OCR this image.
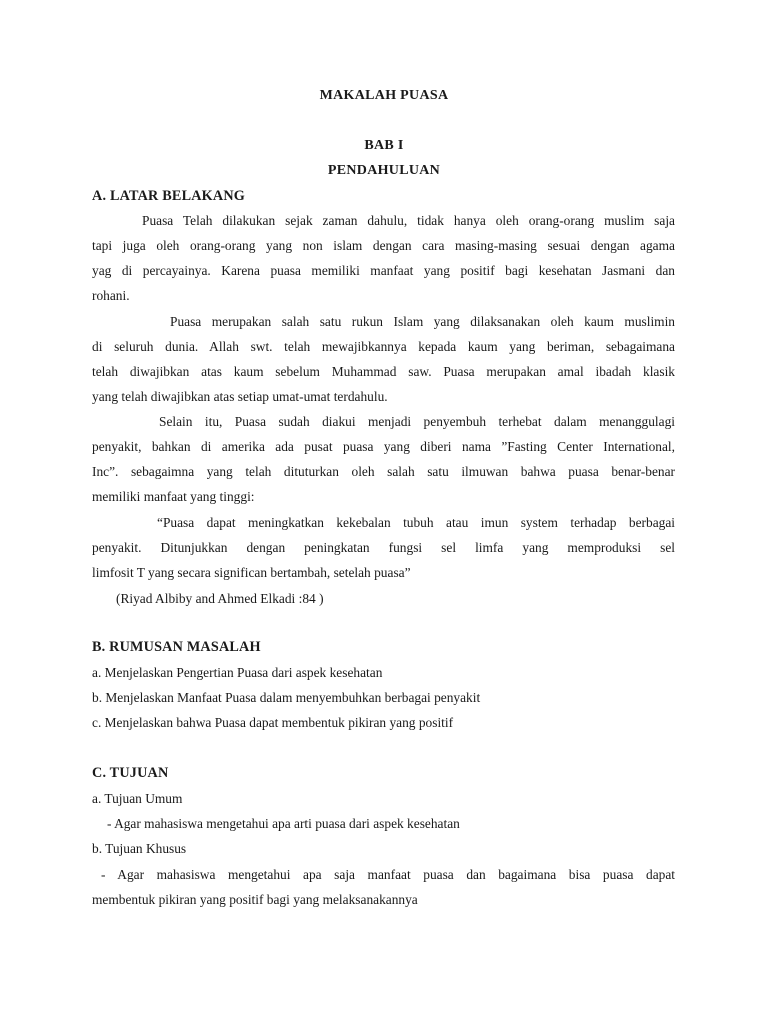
MAKALAH PUASA
BAB I
PENDAHULUAN
A. LATAR BELAKANG
Puasa Telah dilakukan sejak zaman dahulu, tidak hanya oleh orang-orang muslim saja
tapi juga oleh orang-orang yang non islam dengan cara masing-masing sesuai dengan agama
yag di percayainya. Karena puasa memiliki manfaat yang positif bagi kesehatan Jasmani dan
rohani.
Puasa merupakan salah satu rukun Islam yang dilaksanakan oleh kaum muslimin
di seluruh dunia. Allah swt. telah mewajibkannya kepada kaum yang beriman, sebagaimana
telah diwajibkan atas kaum sebelum Muhammad saw. Puasa merupakan amal ibadah klasik
yang telah diwajibkan atas setiap umat-umat terdahulu.
Selain itu, Puasa sudah diakui menjadi penyembuh terhebat dalam menanggulagi
penyakit, bahkan di amerika ada pusat puasa yang diberi nama ”Fasting Center International,
Inc”. sebagaimna yang telah dituturkan oleh salah satu ilmuwan bahwa puasa benar-benar
memiliki manfaat yang tinggi:
“Puasa dapat meningkatkan kekebalan tubuh atau imun system terhadap berbagai
penyakit. Ditunjukkan dengan peningkatan fungsi sel limfa yang memproduksi sel
limfosit T yang secara significan bertambah, setelah puasa”
(Riyad Albiby and Ahmed Elkadi :84 )
B. RUMUSAN MASALAH
a. Menjelaskan Pengertian Puasa dari aspek kesehatan
b. Menjelaskan Manfaat Puasa dalam menyembuhkan berbagai penyakit
c. Menjelaskan bahwa Puasa dapat membentuk pikiran yang positif
C. TUJUAN
a. Tujuan Umum
- Agar mahasiswa mengetahui apa arti puasa dari aspek kesehatan
b. Tujuan Khusus
- Agar mahasiswa mengetahui apa saja manfaat puasa dan bagaimana bisa puasa dapat
membentuk pikiran yang positif bagi yang melaksanakannya
